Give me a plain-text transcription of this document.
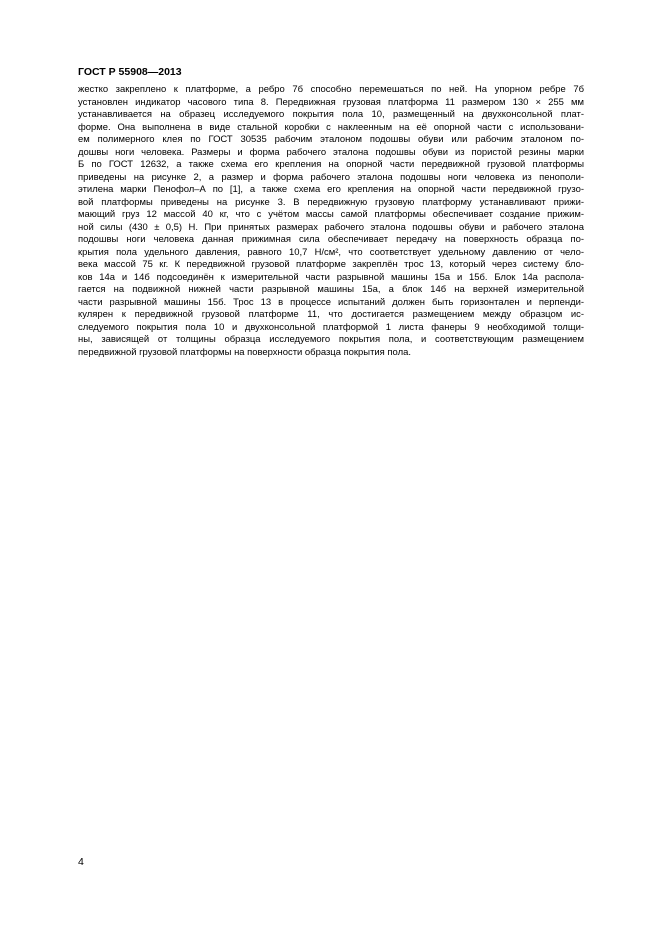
ГОСТ Р 55908—2013
жестко закреплено к платформе, а ребро 7б способно перемешаться по ней. На упорном ребре 7б
установлен индикатор часового типа 8. Передвижная грузовая платформа 11 размером 130 × 255 мм
устанавливается на образец исследуемого покрытия пола 10, размещенный на двухконсольной плат-
форме. Она выполнена в виде стальной коробки с наклеенным на её опорной части с использовани-
ем полимерного клея по ГОСТ 30535 рабочим эталоном подошвы обуви или рабочим эталоном по-
дошвы ноги человека. Размеры и форма рабочего эталона подошвы обуви из пористой резины марки
Б по ГОСТ 12632, а также схема его крепления на опорной части передвижной грузовой платформы
приведены на рисунке 2, а размер и форма рабочего эталона подошвы ноги человека из пенополи-
этилена марки Пенофол–А по [1], а также схема его крепления на опорной части передвижной грузо-
вой платформы приведены на рисунке 3. В передвижную грузовую платформу устанавливают прижи-
мающий груз 12 массой 40 кг, что с учётом массы самой платформы обеспечивает создание прижим-
ной силы (430 ± 0,5) Н. При принятых размерах рабочего эталона подошвы обуви и рабочего эталона
подошвы ноги человека данная прижимная сила обеспечивает передачу на поверхность образца по-
крытия пола удельного давления, равного 10,7 Н/см², что соответствует удельному давлению от чело-
века массой 75 кг. К передвижной грузовой платформе закреплён трос 13, который через систему бло-
ков 14а и 14б подсоединён к измерительной части разрывной машины 15а и 15б. Блок 14а распола-
гается на подвижной нижней части разрывной машины 15а, а блок 14б на верхней измерительной
части разрывной машины 15б. Трос 13 в процессе испытаний должен быть горизонтален и перпенди-
кулярен к передвижной грузовой платформе 11, что достигается размещением между образцом ис-
следуемого покрытия пола 10 и двухконсольной платформой 1 листа фанеры 9 необходимой толщи-
ны, зависящей от толщины образца исследуемого покрытия пола, и соответствующим размещением
передвижной грузовой платформы на поверхности образца покрытия пола.
4
